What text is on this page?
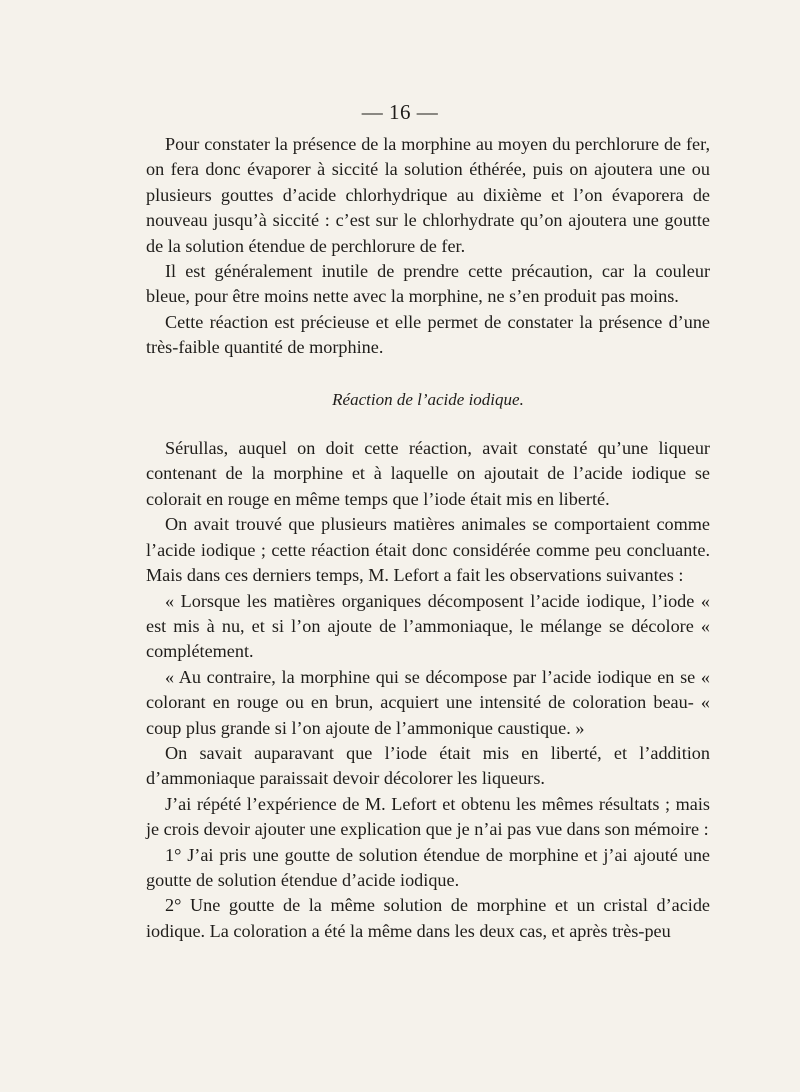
— 16 —

Pour constater la présence de la morphine au moyen du perchlorure de fer, on fera donc évaporer à siccité la solution éthérée, puis on ajoutera une ou plusieurs gouttes d’acide chlorhydrique au dixième et l’on évaporera de nouveau jusqu’à siccité : c’est sur le chlorhydrate qu’on ajoutera une goutte de la solution étendue de perchlorure de fer.

Il est généralement inutile de prendre cette précaution, car la couleur bleue, pour être moins nette avec la morphine, ne s’en produit pas moins.

Cette réaction est précieuse et elle permet de constater la présence d’une très-faible quantité de morphine.

Réaction de l’acide iodique.

Sérullas, auquel on doit cette réaction, avait constaté qu’une liqueur contenant de la morphine et à laquelle on ajoutait de l’acide iodique se colorait en rouge en même temps que l’iode était mis en liberté.

On avait trouvé que plusieurs matières animales se comportaient comme l’acide iodique ; cette réaction était donc considérée comme peu concluante. Mais dans ces derniers temps, M. Lefort a fait les observations suivantes :

« Lorsque les matières organiques décomposent l’acide iodique, l’iode « est mis à nu, et si l’on ajoute de l’ammoniaque, le mélange se décolore « complétement.

« Au contraire, la morphine qui se décompose par l’acide iodique en se « colorant en rouge ou en brun, acquiert une intensité de coloration beau- « coup plus grande si l’on ajoute de l’ammonique caustique. »

On savait auparavant que l’iode était mis en liberté, et l’addition d’ammoniaque paraissait devoir décolorer les liqueurs.

J’ai répété l’expérience de M. Lefort et obtenu les mêmes résultats ; mais je crois devoir ajouter une explication que je n’ai pas vue dans son mémoire :

1° J’ai pris une goutte de solution étendue de morphine et j’ai ajouté une goutte de solution étendue d’acide iodique.

2° Une goutte de la même solution de morphine et un cristal d’acide iodique. La coloration a été la même dans les deux cas, et après très-peu
